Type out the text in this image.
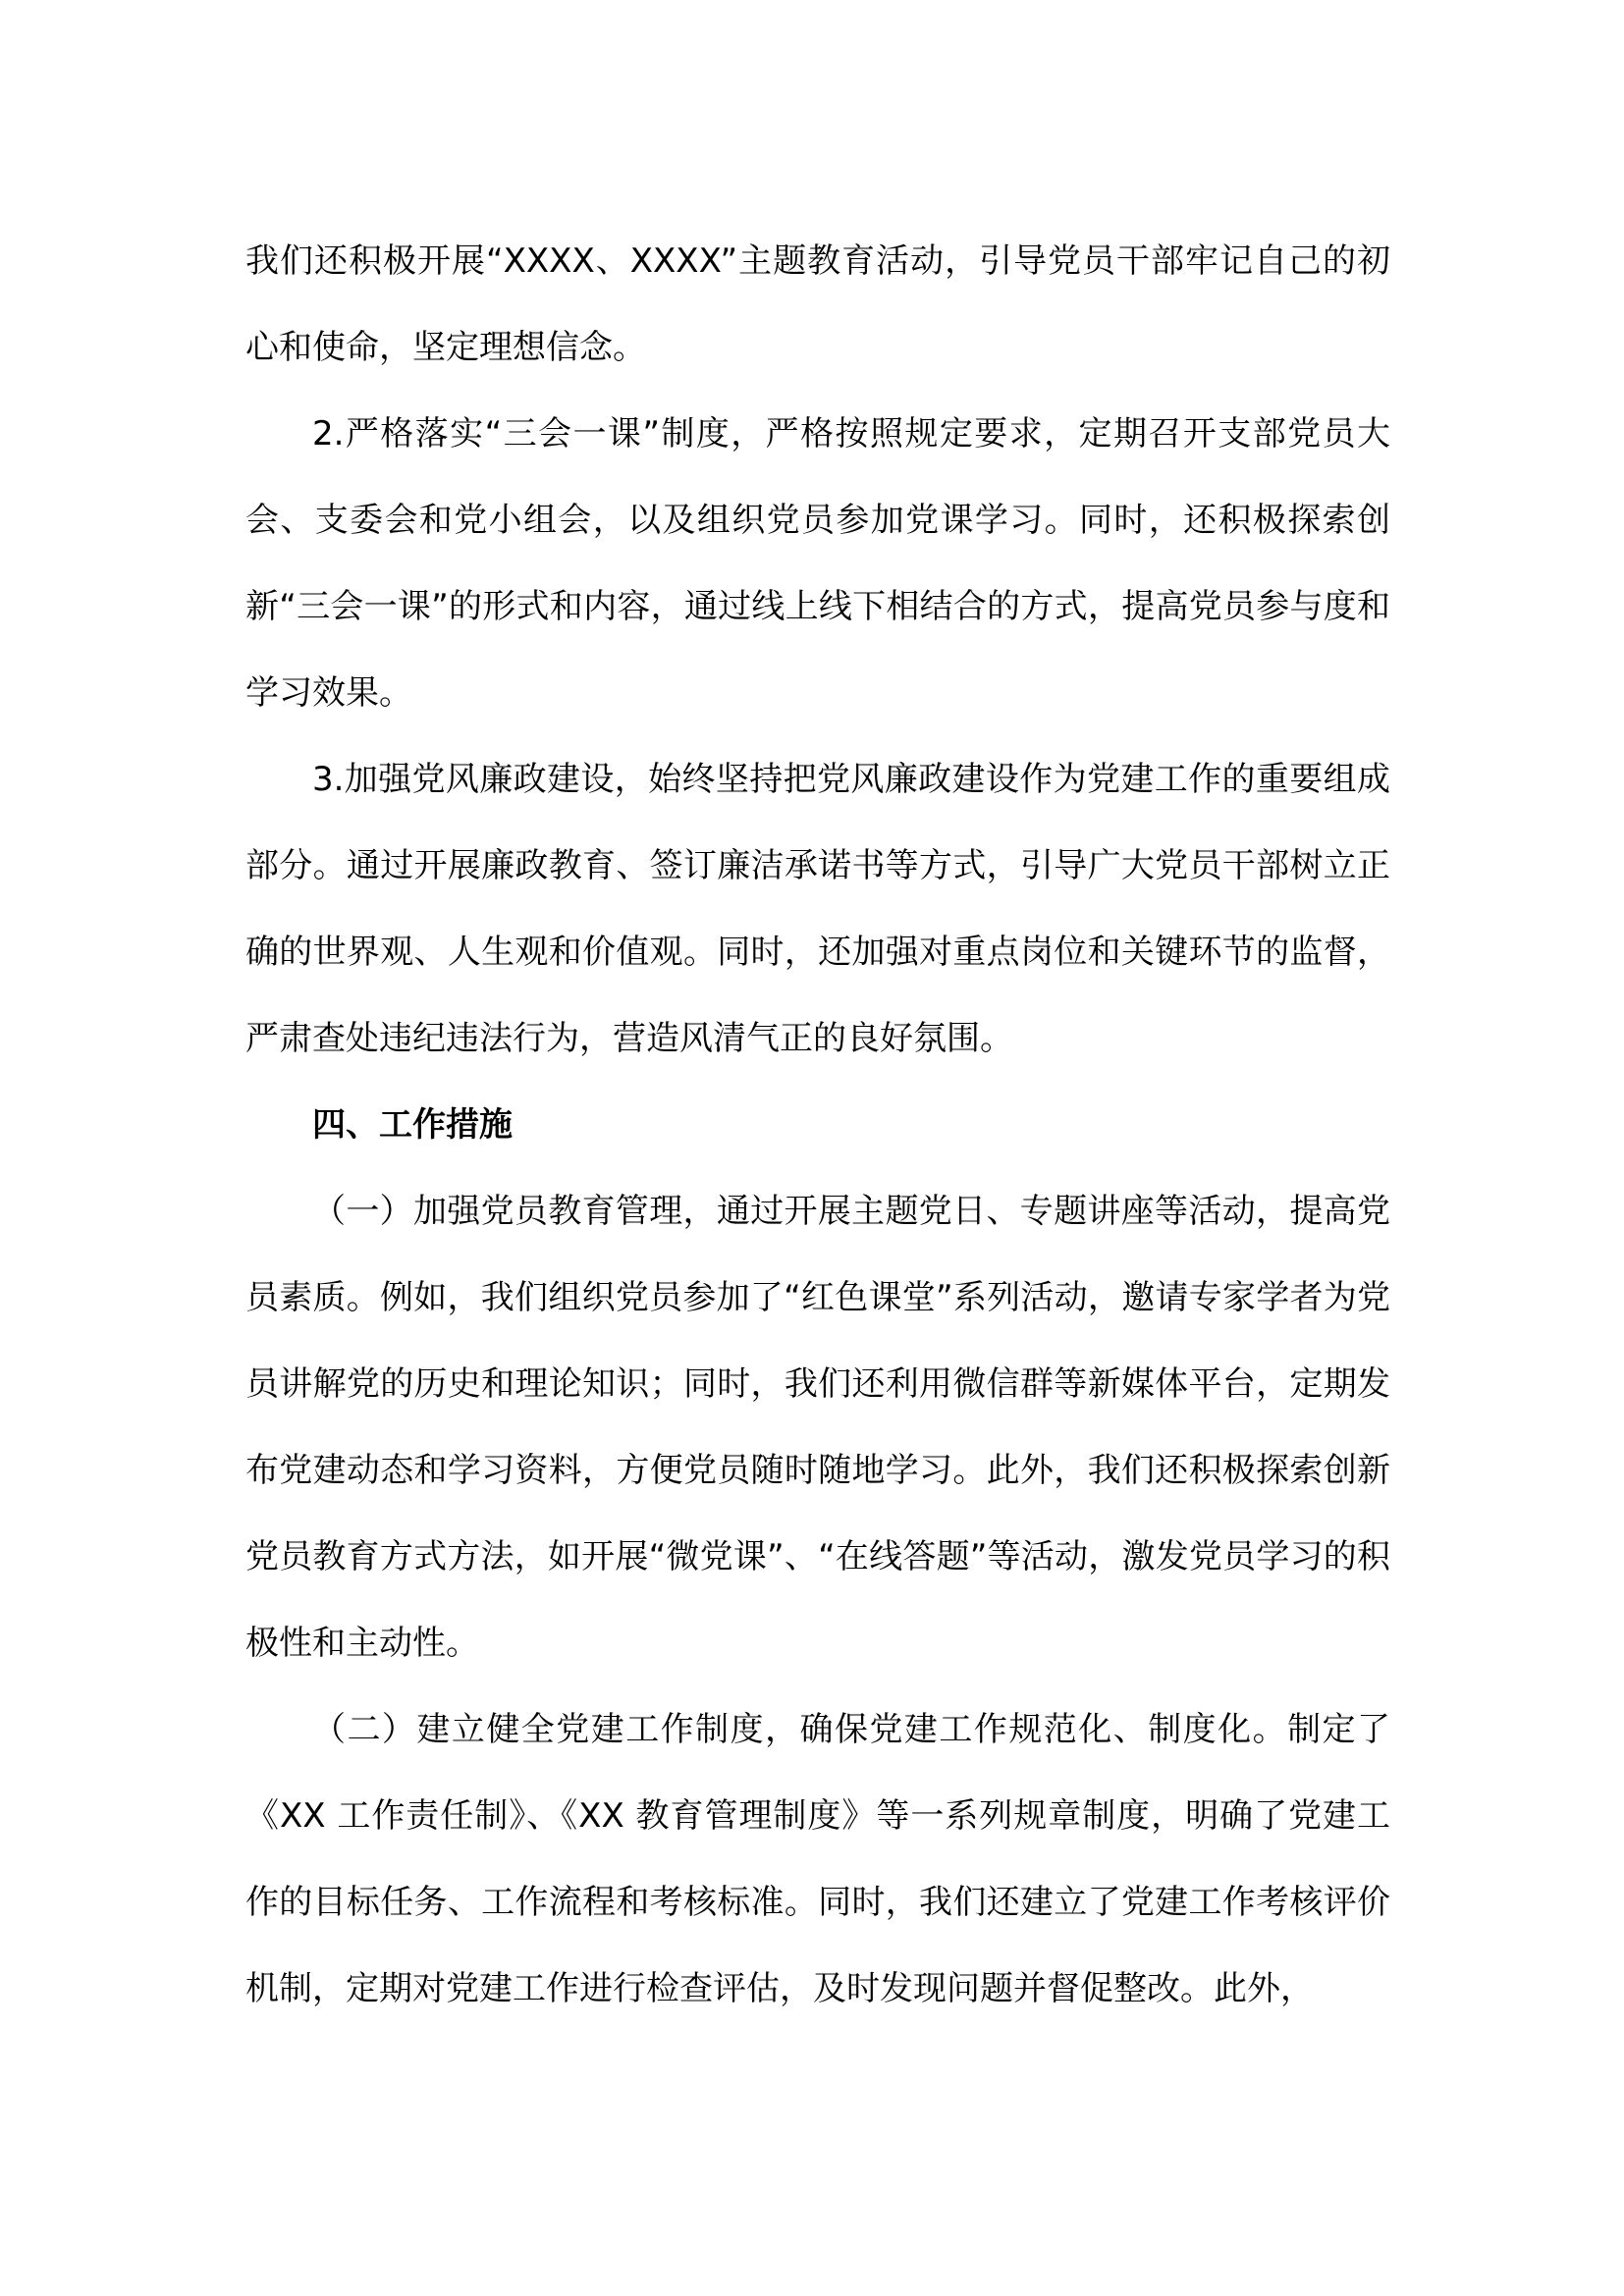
我们还积极开展“XXXX、XXXX”主题教育活动，引导党员干部牢记自己的初心和使命，坚定理想信念。

2.严格落实“三会一课”制度，严格按照规定要求，定期召开支部党员大会、支委会和党小组会，以及组织党员参加党课学习。同时，还积极探索创新“三会一课”的形式和内容，通过线上线下相结合的方式，提高党员参与度和学习效果。

3.加强党风廉政建设，始终坚持把党风廉政建设作为党建工作的重要组成部分。通过开展廉政教育、签订廉洁承诺书等方式，引导广大党员干部树立正确的世界观、人生观和价值观。同时，还加强对重点岗位和关键环节的监督，严肃查处违纪违法行为，营造风清气正的良好氛围。

四、工作措施

（一）加强党员教育管理，通过开展主题党日、专题讲座等活动，提高党员素质。例如，我们组织党员参加了“红色课堂”系列活动，邀请专家学者为党员讲解党的历史和理论知识；同时，我们还利用微信群等新媒体平台，定期发布党建动态和学习资料，方便党员随时随地学习。此外，我们还积极探索创新党员教育方式方法，如开展“微党课”、“在线答题”等活动，激发党员学习的积极性和主动性。

（二）建立健全党建工作制度，确保党建工作规范化、制度化。制定了《XX 工作责任制》、《XX 教育管理制度》等一系列规章制度，明确了党建工作的目标任务、工作流程和考核标准。同时，我们还建立了党建工作考核评价机制，定期对党建工作进行检查评估，及时发现问题并督促整改。此外，
